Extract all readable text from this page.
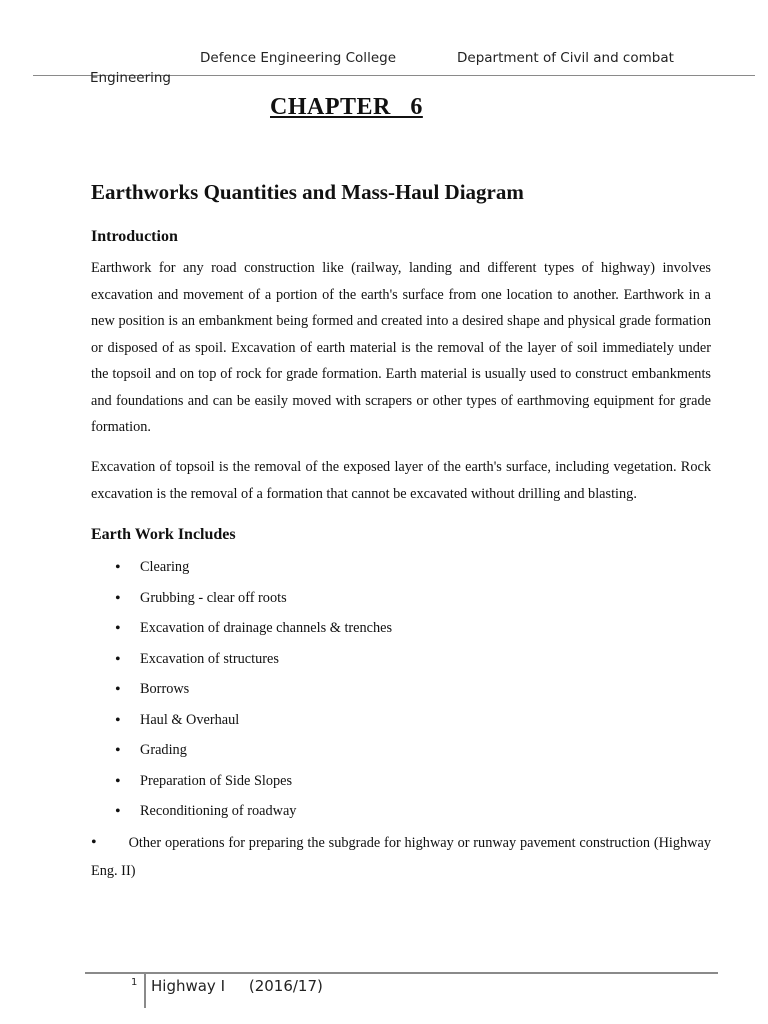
Defence Engineering College	Department of Civil and combat
Engineering
CHAPTER   6
Earthworks Quantities and Mass-Haul Diagram
Introduction

Earthwork for any road construction like (railway, landing and different types of highway) involves excavation and movement of a portion of the earth's surface from one location to another. Earthwork in a new position is an embankment being formed and created into a desired shape and physical grade formation or disposed of as spoil. Excavation of earth material is the removal of the layer of soil immediately under the topsoil and on top of rock for grade formation. Earth material is usually used to construct embankments and foundations and can be easily moved with scrapers or other types of earthmoving equipment for grade formation.

Excavation of topsoil is the removal of the exposed layer of the earth's surface, including vegetation. Rock excavation is the removal of a formation that cannot be excavated without drilling and blasting.

Earth Work Includes
• Clearing
• Grubbing - clear off roots
• Excavation of drainage channels & trenches
• Excavation of structures
• Borrows
• Haul & Overhaul
• Grading
• Preparation of Side Slopes
• Reconditioning of roadway

• Other operations for preparing the subgrade for highway or runway pavement construction (Highway Eng. II)

1 Highway I     (2016/17)
